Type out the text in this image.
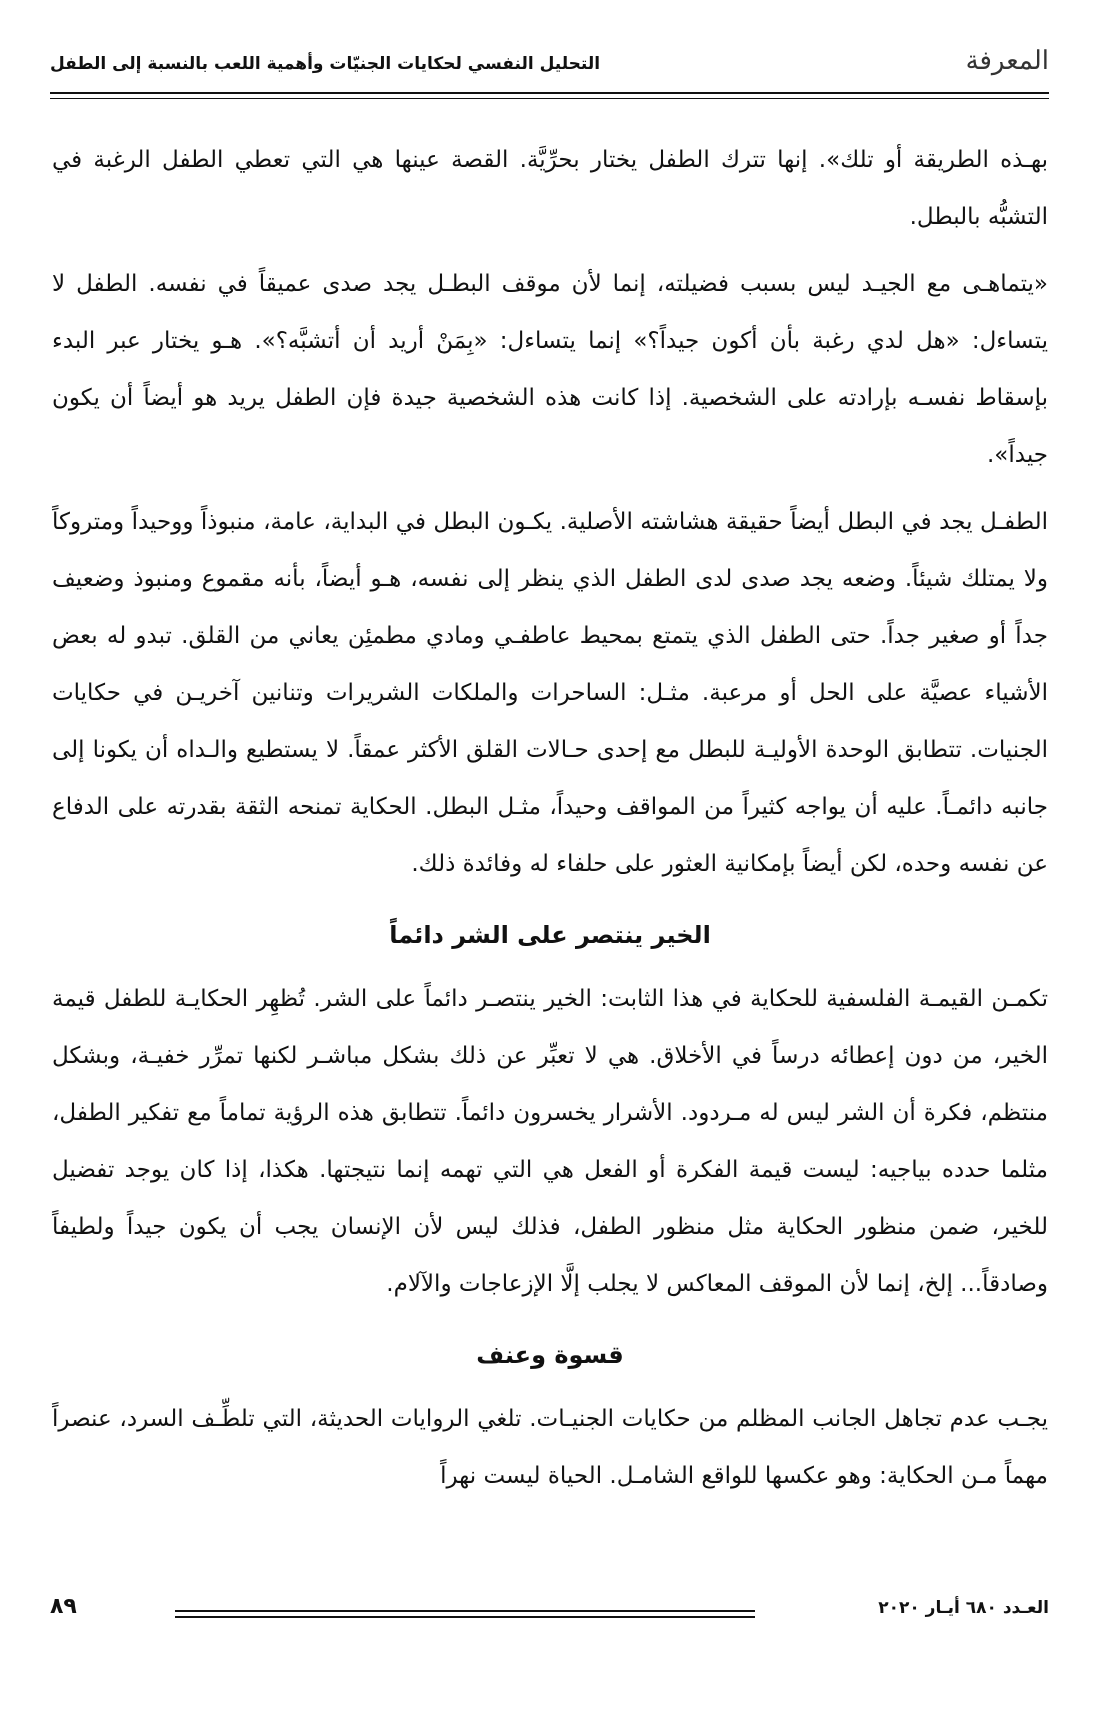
المعرفة
التحليل النفسي لحكايات الجنيّات وأهمية اللعب بالنسبة إلى الطفل

بهـذه الطريقة أو تلك». إنها تترك الطفل يختار بحرِّيَّة. القصة عينها هي التي تعطي الطفل الرغبة في التشبُّه بالبطل.

«يتماهـى مع الجيـد ليس بسبب فضيلته، إنما لأن موقف البطـل يجد صدى عميقاً في نفسه. الطفل لا يتساءل: «هل لدي رغبة بأن أكون جيداً؟» إنما يتساءل: «بِمَنْ أريد أن أتشبَّه؟». هـو يختار عبر البدء بإسقاط نفسـه بإرادته على الشخصية. إذا كانت هذه الشخصية جيدة فإن الطفل يريد هو أيضاً أن يكون جيداً».

الطفـل يجد في البطل أيضاً حقيقة هشاشته الأصلية. يكـون البطل في البداية، عامة، منبوذاً ووحيداً ومتروكاً ولا يمتلك شيئاً. وضعه يجد صدى لدى الطفل الذي ينظر إلى نفسه، هـو أيضاً، بأنه مقموع ومنبوذ وضعيف جداً أو صغير جداً. حتى الطفل الذي يتمتع بمحيط عاطفـي ومادي مطمئِن يعاني من القلق. تبدو له بعض الأشياء عصيَّة على الحل أو مرعبة. مثـل: الساحرات والملكات الشريرات وتنانين آخريـن في حكايات الجنيات. تتطابق الوحدة الأوليـة للبطل مع إحدى حـالات القلق الأكثر عمقاً. لا يستطيع والـداه أن يكونا إلى جانبه دائمـاً. عليه أن يواجه كثيراً من المواقف وحيداً، مثـل البطل. الحكاية تمنحه الثقة بقدرته على الدفاع عن نفسه وحده، لكن أيضاً بإمكانية العثور على حلفاء له وفائدة ذلك.

الخير ينتصر على الشر دائماً

تكمـن القيمـة الفلسفية للحكاية في هذا الثابت: الخير ينتصـر دائماً على الشر. تُظهِر الحكايـة للطفل قيمة الخير، من دون إعطائه درساً في الأخلاق. هي لا تعبِّر عن ذلك بشكل مباشـر لكنها تمرِّر خفيـة، وبشكل منتظم، فكرة أن الشر ليس له مـردود. الأشرار يخسرون دائماً. تتطابق هذه الرؤية تماماً مع تفكير الطفل، مثلما حدده بياجيه: ليست قيمة الفكرة أو الفعل هي التي تهمه إنما نتيجتها. هكذا، إذا كان يوجد تفضيل للخير، ضمن منظور الحكاية مثل منظور الطفل، فذلك ليس لأن الإنسان يجب أن يكون جيداً ولطيفاً وصادقاً... إلخ، إنما لأن الموقف المعاكس لا يجلب إلَّا الإزعاجات والآلام.

قسوة وعنف

يجـب عدم تجاهل الجانب المظلم من حكايات الجنيـات. تلغي الروايات الحديثة، التي تلطِّـف السرد، عنصراً مهماً مـن الحكاية: وهو عكسها للواقع الشامـل. الحياة ليست نهراً

العـدد ٦٨٠ أيـار ٢٠٢٠
٨٩
